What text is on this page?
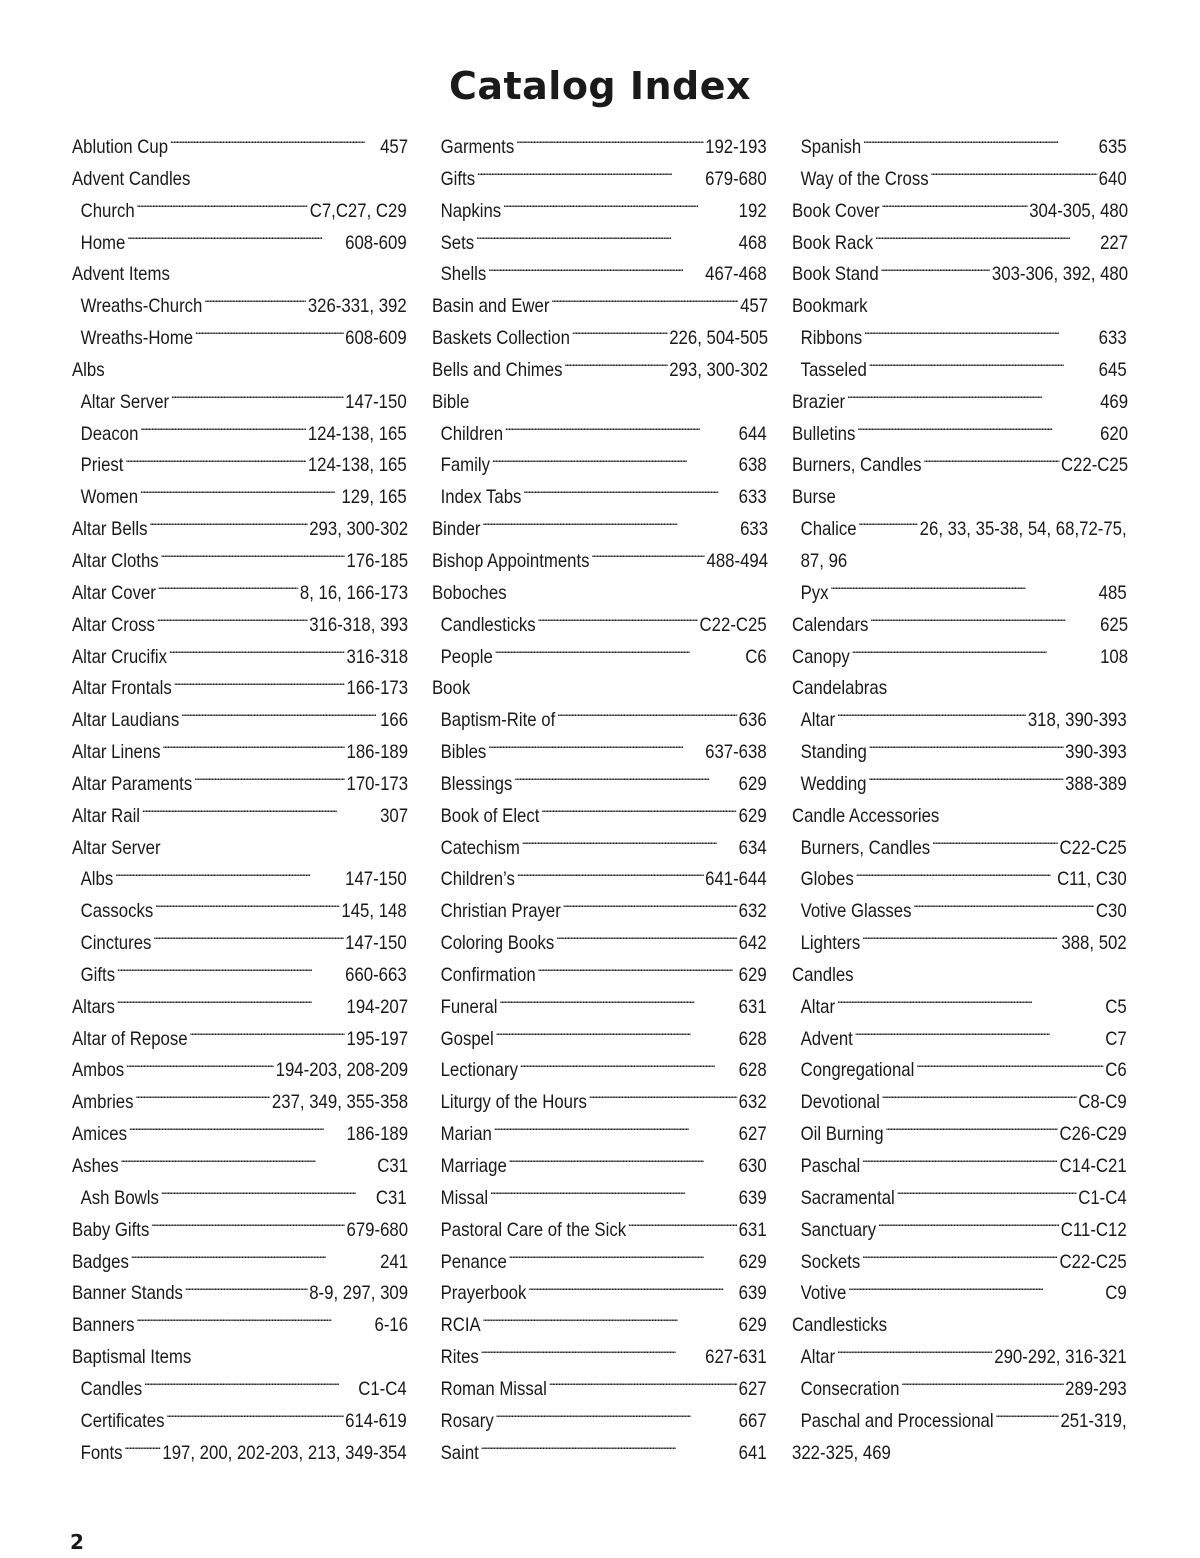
Catalog Index
Ablution Cup . . .	457
Advent Candles
Church . . .	C7,C27, C29
Home . . .	608-609
Advent Items
Wreaths-Church . . .	326-331, 392
Wreaths-Home . . .	608-609
Albs
Altar Server . . .	147-150
Deacon . . .	124-138, 165
Priest . . .	124-138, 165
Women . . .	129, 165
Altar Bells . . .	293, 300-302
Altar Cloths . . .	176-185
Altar Cover . . .	8, 16, 166-173
Altar Cross . . .	316-318, 393
Altar Crucifix . . .	316-318
Altar Frontals . . .	166-173
Altar Laudians . . .	166
Altar Linens . . .	186-189
Altar Paraments . . .	170-173
Altar Rail . . .	307
Altar Server
Albs . . .	147-150
Cassocks . . .	145, 148
Cinctures . . .	147-150
Gifts . . .	660-663
Altars . . .	194-207
Altar of Repose . . .	195-197
Ambos . . .	194-203, 208-209
Ambries . . .	237, 349, 355-358
Amices . . .	186-189
Ashes . . .	C31
Ash Bowls . . .	C31
Baby Gifts . . .	679-680
Badges . . .	241
Banner Stands . . .	8-9, 297, 309
Banners . . .	6-16
Baptismal Items
Candles . . .	C1-C4
Certificates . . .	614-619
Fonts . . . 197, 200, 202-203, 213, 349-354
Garments . . .	192-193
Gifts . . .	679-680
Napkins . . .	192
Sets . . .	468
Shells . . .	467-468
Basin and Ewer . . .	457
Baskets Collection . . .	226, 504-505
Bells and Chimes . . .	293, 300-302
Bible
Children . . .	644
Family . . .	638
Index Tabs . . .	633
Binder . . .	633
Bishop Appointments . . .	488-494
Boboches
Candlesticks . . .	C22-C25
People . . .	C6
Book
Baptism-Rite of . . .	636
Bibles . . .	637-638
Blessings . . .	629
Book of Elect . . .	629
Catechism . . .	634
Children’s . . .	641-644
Christian Prayer . . .	632
Coloring Books . . .	642
Confirmation . . .	629
Funeral . . .	631
Gospel . . .	628
Lectionary . . .	628
Liturgy of the Hours . . .	632
Marian . . .	627
Marriage . . .	630
Missal . . .	639
Pastoral Care of the Sick . . .	631
Penance . . .	629
Prayerbook . . .	639
RCIA . . .	629
Rites . . .	627-631
Roman Missal . . .	627
Rosary . . .	667
Saint . . .	641
Spanish . . .	635
Way of the Cross . . .	640
Book Cover . . .	304-305, 480
Book Rack . . .	227
Book Stand . . .	303-306, 392, 480
Bookmark
Ribbons . . .	633
Tasseled . . .	645
Brazier . . .	469
Bulletins . . .	620
Burners, Candles . . .	C22-C25
Burse
Chalice . . .	26, 33, 35-38, 54, 68,72-75,
87, 96
Pyx . . .	485
Calendars . . .	625
Canopy . . .	108
Candelabras
Altar . . .	318, 390-393
Standing . . .	390-393
Wedding . . .	388-389
Candle Accessories
Burners, Candles . . .	C22-C25
Globes . . .	C11, C30
Votive Glasses . . .	C30
Lighters . . .	388, 502
Candles
Altar . . .	C5
Advent . . .	C7
Congregational . . .	C6
Devotional . . .	C8-C9
Oil Burning . . .	C26-C29
Paschal . . .	C14-C21
Sacramental . . .	C1-C4
Sanctuary . . .	C11-C12
Sockets . . .	C22-C25
Votive . . .	C9
Candlesticks
Altar . . .	290-292, 316-321
Consecration . . .	289-293
Paschal and Processional . . .	251-319,
322-325, 469
2
